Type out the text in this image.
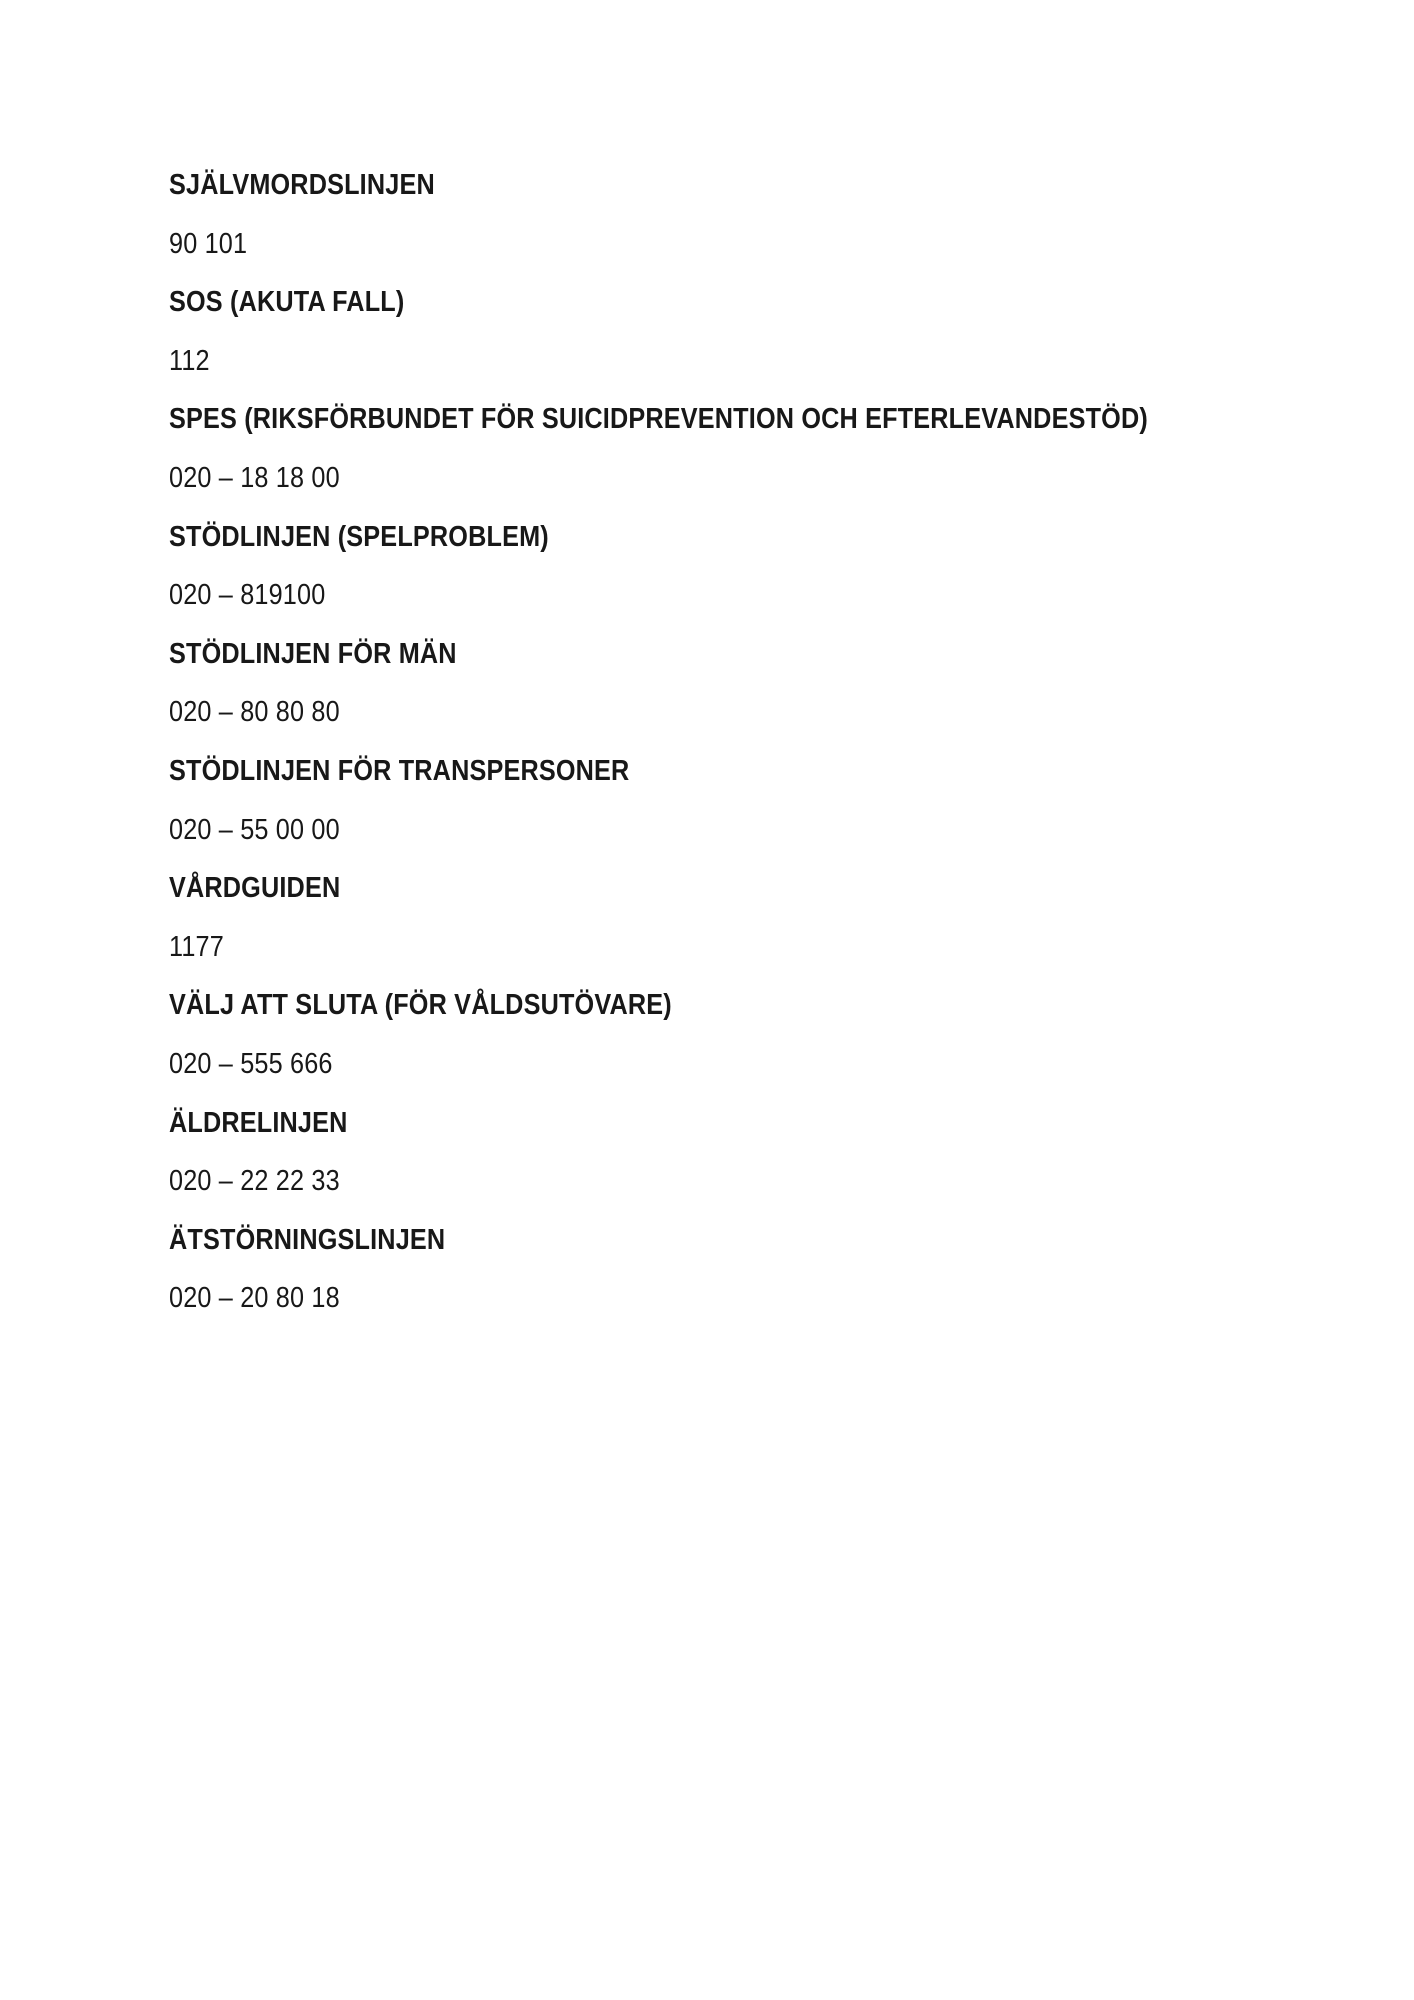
SJÄLVMORDSLINJEN

90 101

SOS (AKUTA FALL)

112

SPES (RIKSFÖRBUNDET FÖR SUICIDPREVENTION OCH EFTERLEVANDESTÖD)

020 – 18 18 00

STÖDLINJEN (SPELPROBLEM)

020 – 819100

STÖDLINJEN FÖR MÄN

020 – 80 80 80

STÖDLINJEN FÖR TRANSPERSONER

020 – 55 00 00

VÅRDGUIDEN

1177

VÄLJ ATT SLUTA (FÖR VÅLDSUTÖVARE)

020 – 555 666

ÄLDRELINJEN

020 – 22 22 33

ÄTSTÖRNINGSLINJEN

020 – 20 80 18
